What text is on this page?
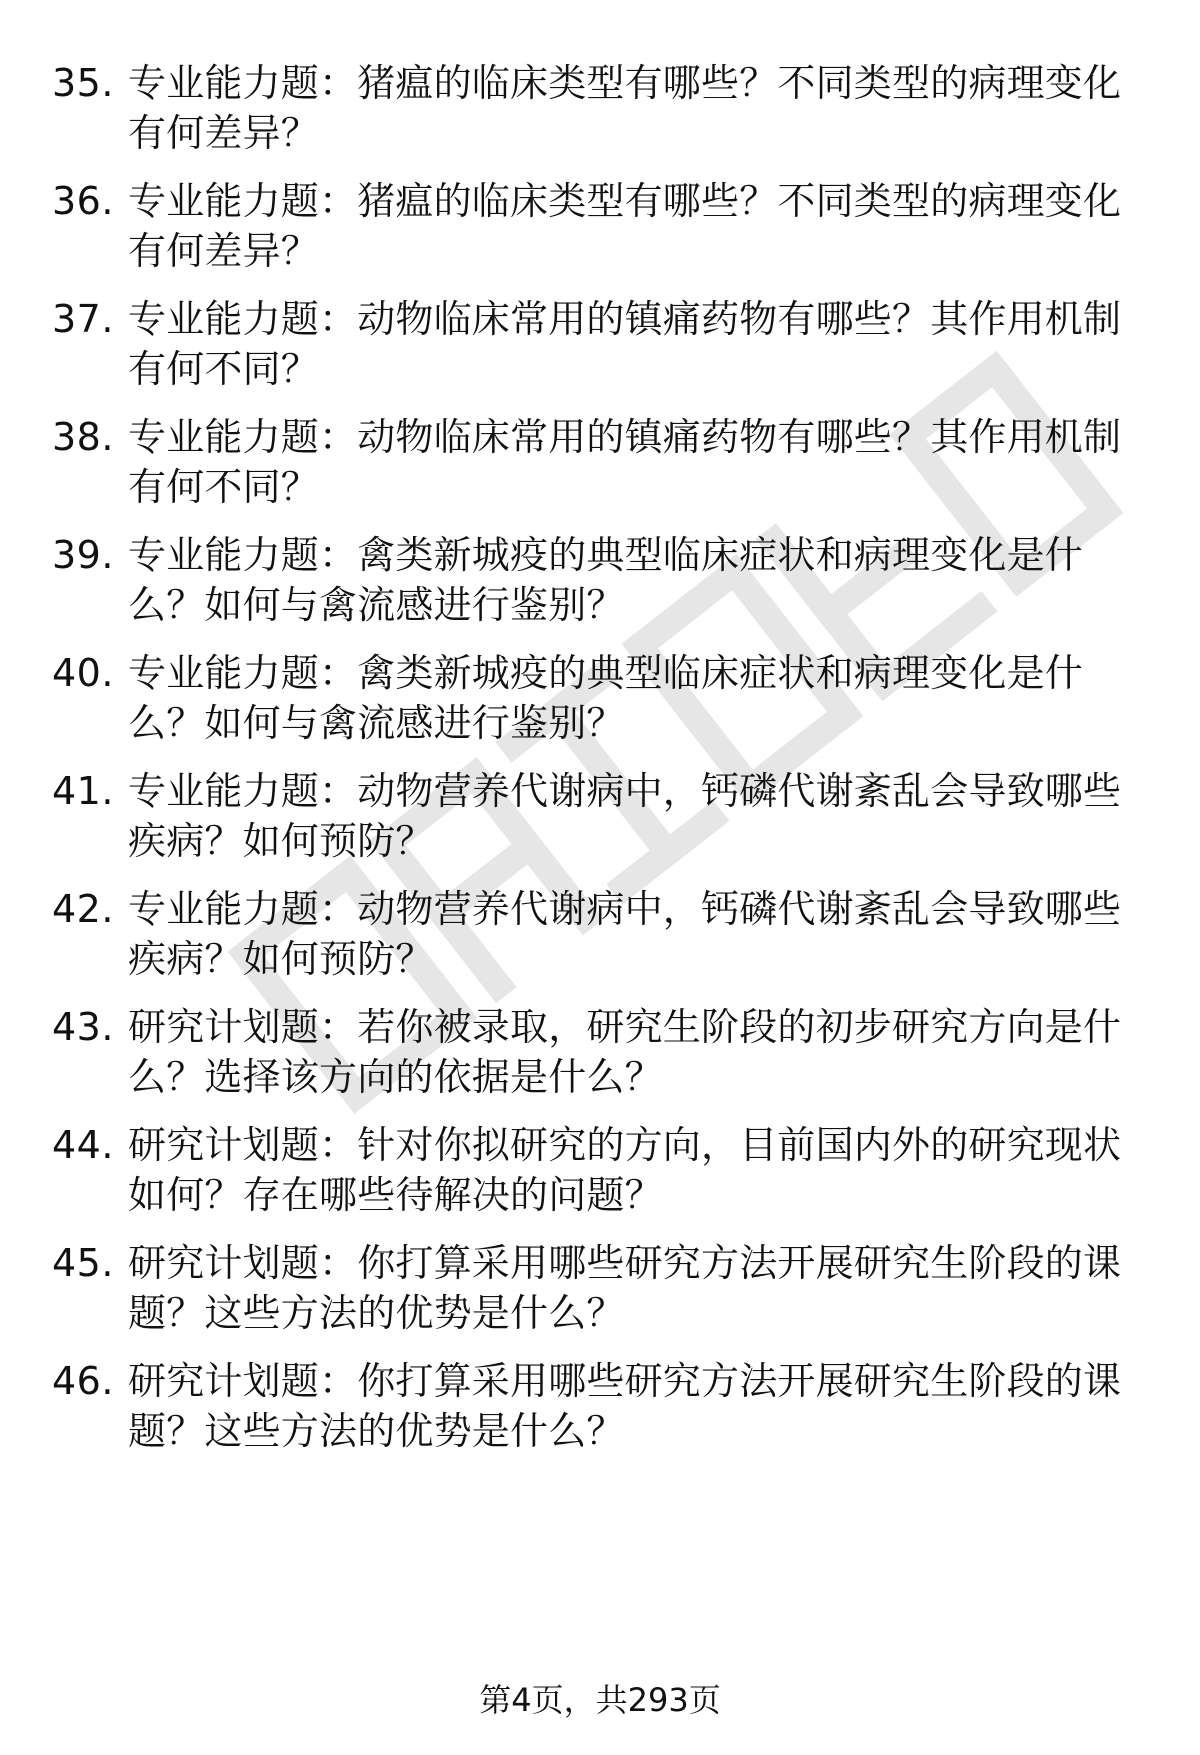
35. 专业能力题：猪瘟的临床类型有哪些？不同类型的病理变化有何差异？
36. 专业能力题：猪瘟的临床类型有哪些？不同类型的病理变化有何差异？
37. 专业能力题：动物临床常用的镇痛药物有哪些？其作用机制有何不同？
38. 专业能力题：动物临床常用的镇痛药物有哪些？其作用机制有何不同？
39. 专业能力题：禽类新城疫的典型临床症状和病理变化是什么？如何与禽流感进行鉴别？
40. 专业能力题：禽类新城疫的典型临床症状和病理变化是什么？如何与禽流感进行鉴别？
41. 专业能力题：动物营养代谢病中，钙磷代谢紊乱会导致哪些疾病？如何预防？
42. 专业能力题：动物营养代谢病中，钙磷代谢紊乱会导致哪些疾病？如何预防？
43. 研究计划题：若你被录取，研究生阶段的初步研究方向是什么？选择该方向的依据是什么？
44. 研究计划题：针对你拟研究的方向，目前国内外的研究现状如何？存在哪些待解决的问题？
45. 研究计划题：你打算采用哪些研究方法开展研究生阶段的课题？这些方法的优势是什么？
46. 研究计划题：你打算采用哪些研究方法开展研究生阶段的课题？这些方法的优势是什么？
第4页，共293页
